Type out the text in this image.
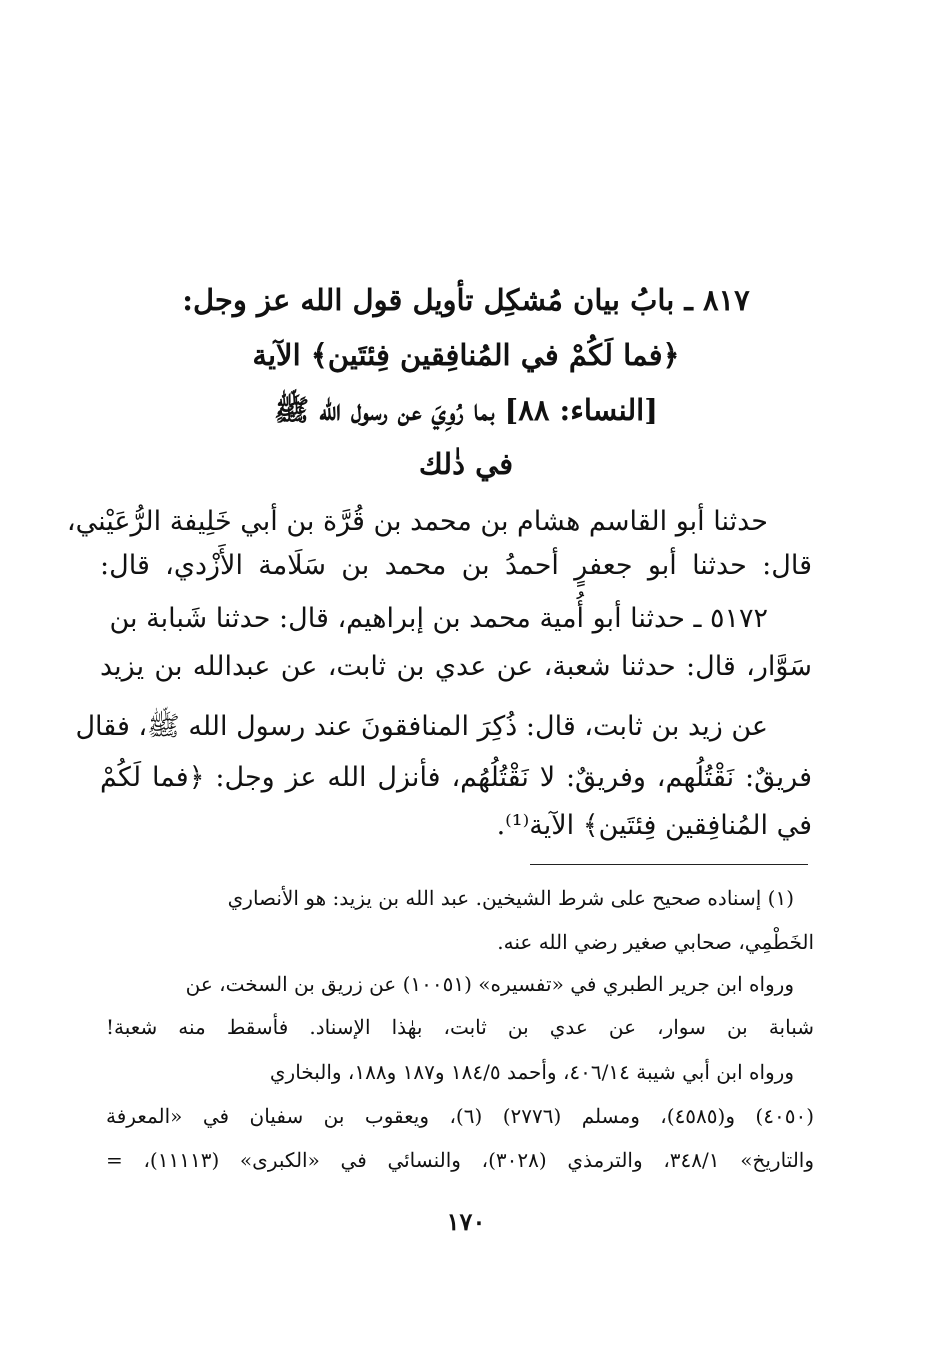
٨١٧ ـ بابُ بيان مُشكِل تأويل قول الله عز وجل:
﴿فما لَكُمْ في المُنافِقين فِئتَين﴾ الآية
[النساء: ٨٨] بما رُوِيَ عن رسول الله ﷺ
في ذٰلك
حدثنا أبو القاسم هشام بن محمد بن قُرَّة بن أبي خَلِيفة الرُّعَيْني،
قال: حدثنا أبو جعفرٍ أحمدُ بن محمد بن سَلَامة الأَزْدي، قال:
٥١٧٢ ـ حدثنا أبو أُمية محمد بن إبراهيم، قال: حدثنا شَبابة بن
سَوَّار، قال: حدثنا شعبة، عن عدي بن ثابت، عن عبدالله بن يزيد
عن زيد بن ثابت، قال: ذُكِرَ المنافقونَ عند رسول الله ﷺ، فقال
فريقٌ: نَقْتُلُهم، وفريقٌ: لا نَقْتُلُهُم، فأنزل الله عز وجل: ﴿فما لَكُمْ
في المُنافِقين فِئتَين﴾ الآية⁽¹⁾.
(١) إسناده صحيح على شرط الشيخين. عبد الله بن يزيد: هو الأنصاري
الخَطْمِي، صحابي صغير رضي الله عنه.
ورواه ابن جرير الطبري في «تفسيره» (١٠٠٥١) عن زريق بن السخت، عن
شبابة بن سوار، عن عدي بن ثابت، بهٰذا الإسناد. فأسقط منه شعبة!
ورواه ابن أبي شيبة ٤٠٦/١٤، وأحمد ١٨٤/٥ و١٨٧ و١٨٨، والبخاري
(٤٠٥٠) و(٤٥٨٥)، ومسلم (٢٧٧٦) (٦)، ويعقوب بن سفيان في «المعرفة
والتاريخ» ٣٤٨/١، والترمذي (٣٠٢٨)، والنسائي في «الكبرى» (١١١١٣)، =
١٧٠
